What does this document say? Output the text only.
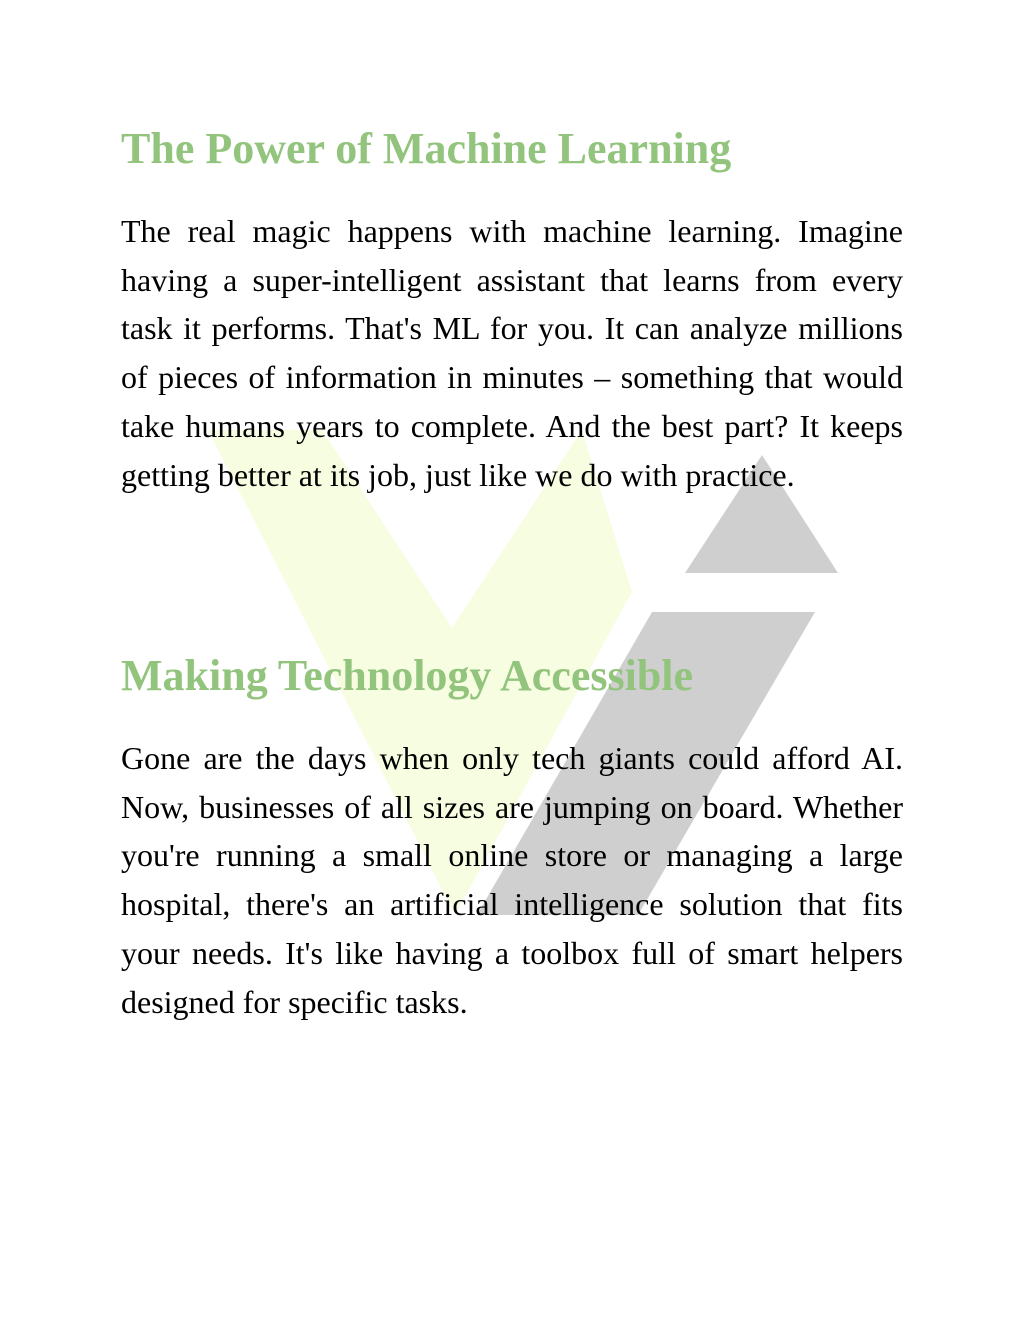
The Power of Machine Learning

The real magic happens with machine learning. Imagine having a super-intelligent assistant that learns from every task it performs. That's ML for you. It can analyze millions of pieces of information in minutes – something that would take humans years to complete. And the best part? It keeps getting better at its job, just like we do with practice.

Making Technology Accessible

Gone are the days when only tech giants could afford AI. Now, businesses of all sizes are jumping on board. Whether you're running a small online store or managing a large hospital, there's an artificial intelligence solution that fits your needs. It's like having a toolbox full of smart helpers designed for specific tasks.
